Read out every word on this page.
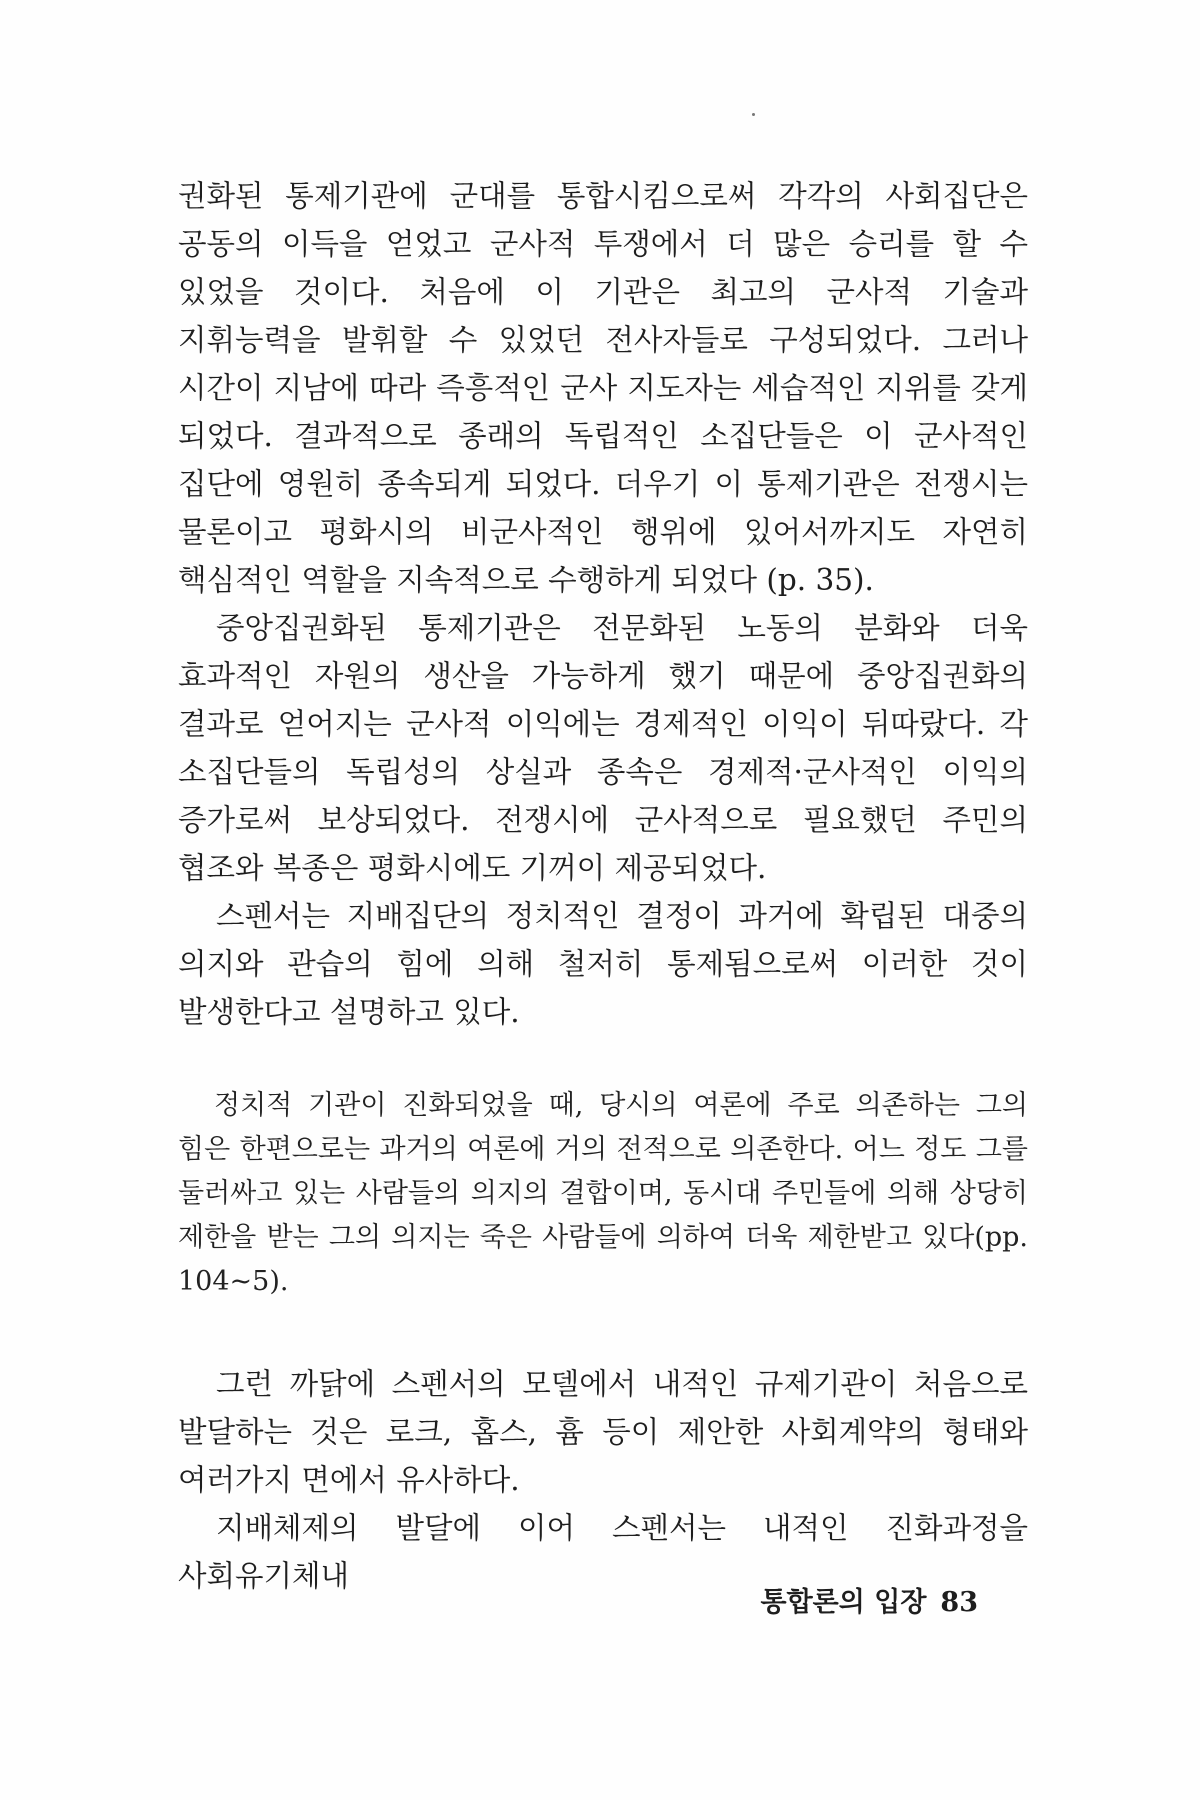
권화된 통제기관에 군대를 통합시킴으로써 각각의 사회집단은 공동의 이득을 얻었고 군사적 투쟁에서 더 많은 승리를 할 수 있었을 것이다. 처음에 이 기관은 최고의 군사적 기술과 지휘능력을 발휘할 수 있었던 전사자들로 구성되었다. 그러나 시간이 지남에 따라 즉흥적인 군사 지도자는 세습적인 지위를 갖게 되었다. 결과적으로 종래의 독립적인 소집단들은 이 군사적인 집단에 영원히 종속되게 되었다. 더우기 이 통제기관은 전쟁시는 물론이고 평화시의 비군사적인 행위에 있어서까지도 자연히 핵심적인 역할을 지속적으로 수행하게 되었다 (p. 35).

중앙집권화된 통제기관은 전문화된 노동의 분화와 더욱 효과적인 자원의 생산을 가능하게 했기 때문에 중앙집권화의 결과로 얻어지는 군사적 이익에는 경제적인 이익이 뒤따랐다. 각 소집단들의 독립성의 상실과 종속은 경제적·군사적인 이익의 증가로써 보상되었다. 전쟁시에 군사적으로 필요했던 주민의 협조와 복종은 평화시에도 기꺼이 제공되었다.

스펜서는 지배집단의 정치적인 결정이 과거에 확립된 대중의 의지와 관습의 힘에 의해 철저히 통제됨으로써 이러한 것이 발생한다고 설명하고 있다.

정치적 기관이 진화되었을 때, 당시의 여론에 주로 의존하는 그의 힘은 한편으로는 과거의 여론에 거의 전적으로 의존한다. 어느 정도 그를 둘러싸고 있는 사람들의 의지의 결합이며, 동시대 주민들에 의해 상당히 제한을 받는 그의 의지는 죽은 사람들에 의하여 더욱 제한받고 있다(pp. 104~5).

그런 까닭에 스펜서의 모델에서 내적인 규제기관이 처음으로 발달하는 것은 로크, 홉스, 흄 등이 제안한 사회계약의 형태와 여러가지 면에서 유사하다.

지배체제의 발달에 이어 스펜서는 내적인 진화과정을 사회유기체내

통합론의 입장 83
